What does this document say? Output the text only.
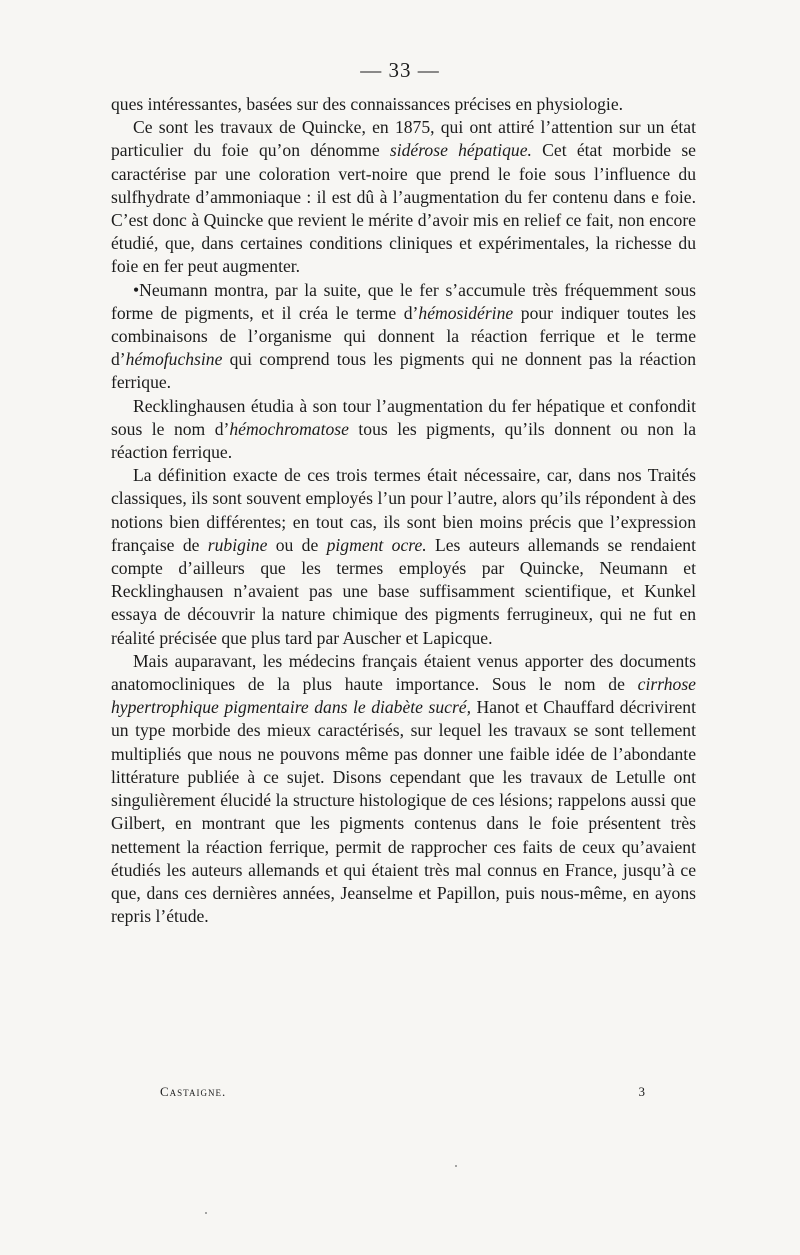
— 33 —

ques intéressantes, basées sur des connaissances précises en physiologie.

Ce sont les travaux de Quincke, en 1875, qui ont attiré l’attention sur un état particulier du foie qu’on dénomme sidérose hépatique. Cet état morbide se caractérise par une coloration vert-noire que prend le foie sous l’influence du sulfhydrate d’ammoniaque : il est dû à l’augmentation du fer contenu dans e foie. C’est donc à Quincke que revient le mérite d’avoir mis en relief ce fait, non encore étudié, que, dans certaines conditions cliniques et expérimentales, la richesse du foie en fer peut augmenter.

•Neumann montra, par la suite, que le fer s’accumule très fréquemment sous forme de pigments, et il créa le terme d’hémosidérine pour indiquer toutes les combinaisons de l’organisme qui donnent la réaction ferrique et le terme d’hémofuchsine qui comprend tous les pigments qui ne donnent pas la réaction ferrique.

Recklinghausen étudia à son tour l’augmentation du fer hépatique et confondit sous le nom d’hémochromatose tous les pigments, qu’ils donnent ou non la réaction ferrique.

La définition exacte de ces trois termes était nécessaire, car, dans nos Traités classiques, ils sont souvent employés l’un pour l’autre, alors qu’ils répondent à des notions bien différentes; en tout cas, ils sont bien moins précis que l’expression française de rubigine ou de pigment ocre. Les auteurs allemands se rendaient compte d’ailleurs que les termes employés par Quincke, Neumann et Recklinghausen n’avaient pas une base suffisamment scientifique, et Kunkel essaya de découvrir la nature chimique des pigments ferrugineux, qui ne fut en réalité précisée que plus tard par Auscher et Lapicque.

Mais auparavant, les médecins français étaient venus apporter des documents anatomocliniques de la plus haute importance. Sous le nom de cirrhose hypertrophique pigmentaire dans le diabète sucré, Hanot et Chauffard décrivirent un type morbide des mieux caractérisés, sur lequel les travaux se sont tellement multipliés que nous ne pouvons même pas donner une faible idée de l’abondante littérature publiée à ce sujet. Disons cependant que les travaux de Letulle ont singulièrement élucidé la structure histologique de ces lésions; rappelons aussi que Gilbert, en montrant que les pigments contenus dans le foie présentent très nettement la réaction ferrique, permit de rapprocher ces faits de ceux qu’avaient étudiés les auteurs allemands et qui étaient très mal connus en France, jusqu’à ce que, dans ces dernières années, Jeanselme et Papillon, puis nous-même, en ayons repris l’étude.

Castaigne.	3
